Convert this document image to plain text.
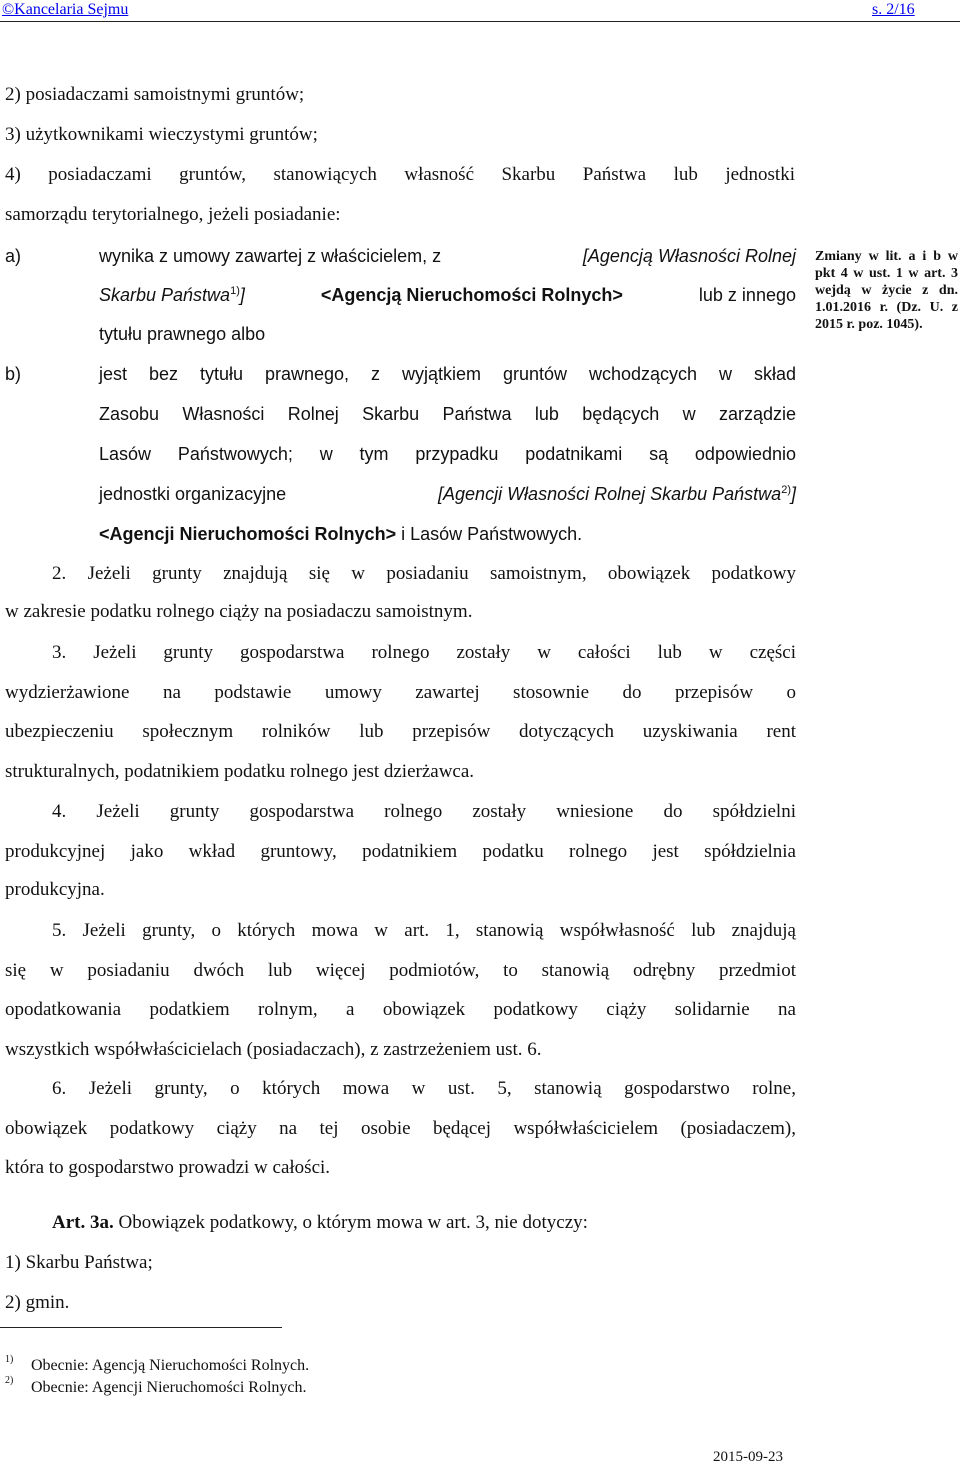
©Kancelaria Sejmu	s. 2/16
2) posiadaczami samoistnymi gruntów;
3) użytkownikami wieczystymi gruntów;
4) posiadaczami gruntów, stanowiących własność Skarbu Państwa lub jednostki
samorządu terytorialnego, jeżeli posiadanie:
a)	wynika z umowy zawartej z właścicielem, z	[Agencją Własności Rolnej
Skarbu Państwa$^{1)}$]	<Agencją Nieruchomości Rolnych>	lub z innego
tytułu prawnego albo
b)	jest bez tytułu prawnego, z wyjątkiem gruntów wchodzących w skład
Zasobu Własności Rolnej Skarbu Państwa lub będących w zarządzie
Lasów Państwowych; w tym przypadku podatnikami są odpowiednio
jednostki organizacyjne	[Agencji Własności Rolnej Skarbu Państwa$^{2)}$]
<Agencji Nieruchomości Rolnych> i Lasów Państwowych.
Zmiany w lit. a i b w pkt 4 w ust. 1 w art. 3 wejdą w życie z dn. 1.01.2016 r. (Dz. U. z 2015 r. poz. 1045).
2. Jeżeli grunty znajdują się w posiadaniu samoistnym, obowiązek podatkowy
w zakresie podatku rolnego ciąży na posiadaczu samoistnym.
3. Jeżeli grunty gospodarstwa rolnego zostały w całości lub w części
wydzierżawione na podstawie umowy zawartej stosownie do przepisów o
ubezpieczeniu społecznym rolników lub przepisów dotyczących uzyskiwania rent
strukturalnych, podatnikiem podatku rolnego jest dzierżawca.
4. Jeżeli grunty gospodarstwa rolnego zostały wniesione do spółdzielni
produkcyjnej jako wkład gruntowy, podatnikiem podatku rolnego jest spółdzielnia
produkcyjna.
5. Jeżeli grunty, o których mowa w art. 1, stanowią współwłasność lub znajdują
się w posiadaniu dwóch lub więcej podmiotów, to stanowią odrębny przedmiot
opodatkowania podatkiem rolnym, a obowiązek podatkowy ciąży solidarnie na
wszystkich współwłaścicielach (posiadaczach), z zastrzeżeniem ust. 6.
6. Jeżeli grunty, o których mowa w ust. 5, stanowią gospodarstwo rolne,
obowiązek podatkowy ciąży na tej osobie będącej współwłaścicielem (posiadaczem),
która to gospodarstwo prowadzi w całości.
Art. 3a. Obowiązek podatkowy, o którym mowa w art. 3, nie dotyczy:
1) Skarbu Państwa;
2) gmin.
1) Obecnie: Agencją Nieruchomości Rolnych.
2) Obecnie: Agencji Nieruchomości Rolnych.
2015-09-23
